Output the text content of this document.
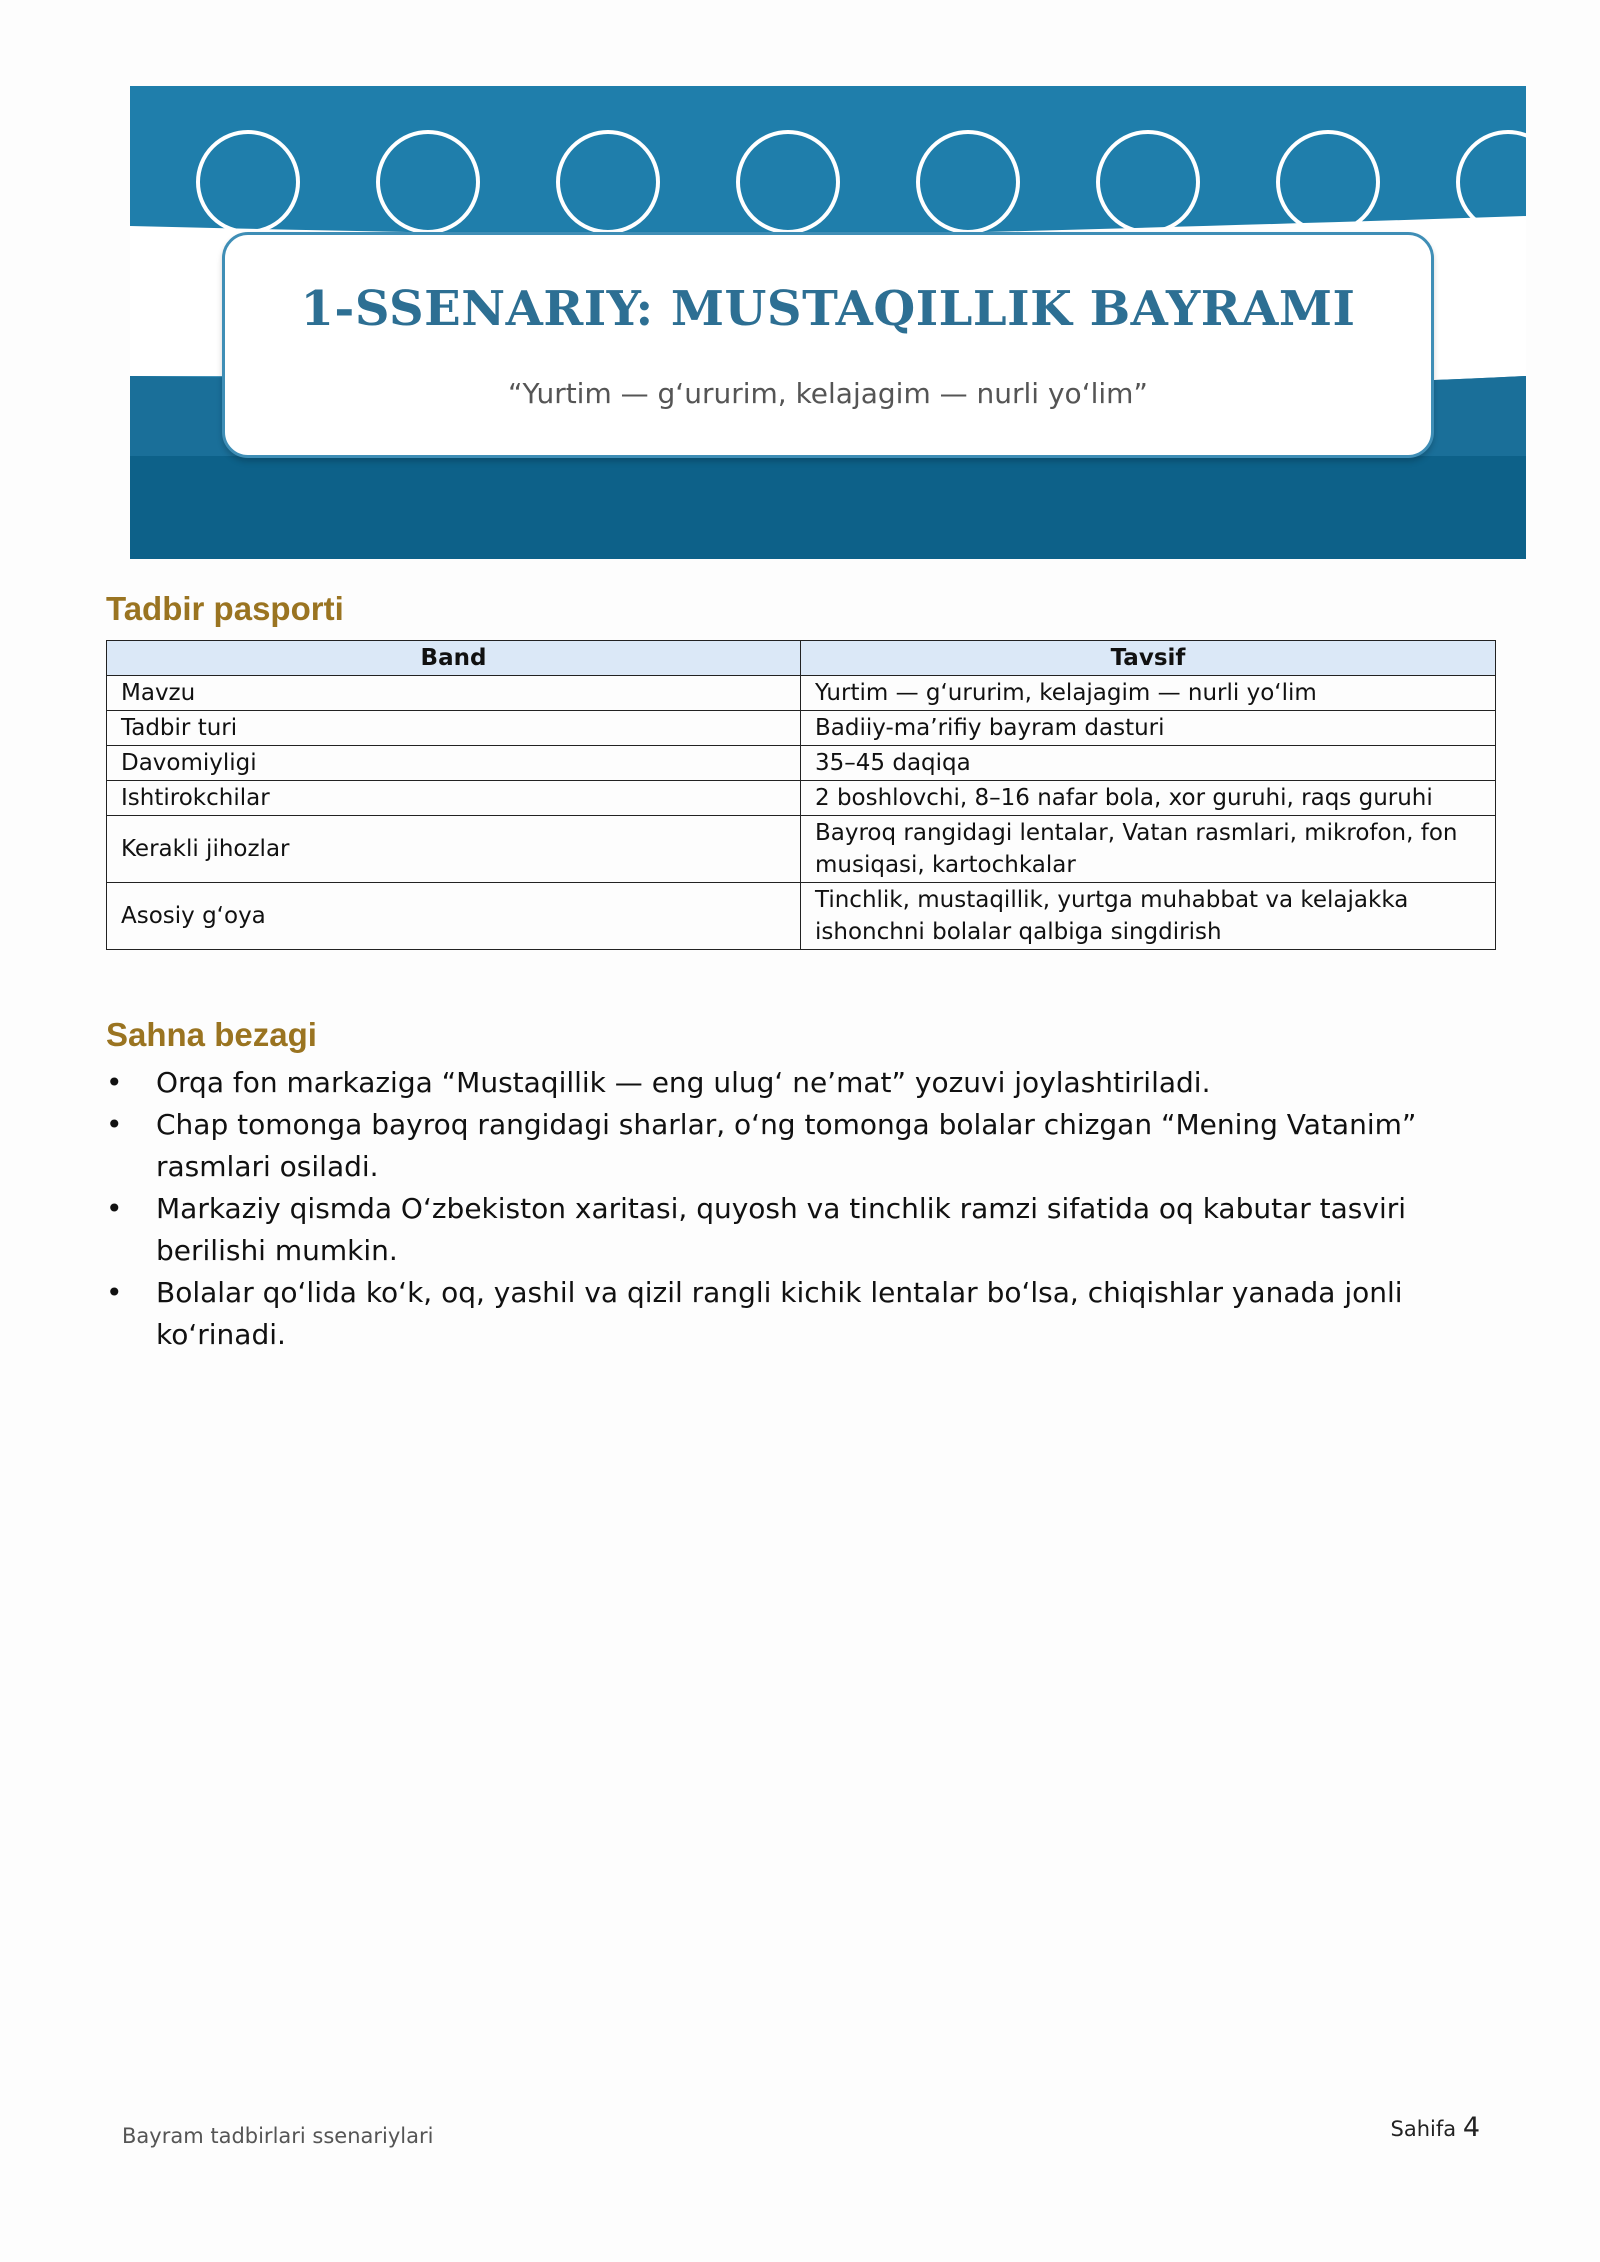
1-SSENARIY: MUSTAQILLIK BAYRAMI
“Yurtim — g‘ururim, kelajagim — nurli yo‘lim”
Tadbir pasporti
Band	Tavsif
Mavzu	Yurtim — g‘ururim, kelajagim — nurli yo‘lim
Tadbir turi	Badiiy-ma’rifiy bayram dasturi
Davomiyligi	35–45 daqiqa
Ishtirokchilar	2 boshlovchi, 8–16 nafar bola, xor guruhi, raqs guruhi
Kerakli jihozlar	Bayroq rangidagi lentalar, Vatan rasmlari, mikrofon, fon musiqasi, kartochkalar
Asosiy g‘oya	Tinchlik, mustaqillik, yurtga muhabbat va kelajakka ishonchni bolalar qalbiga singdirish
Sahna bezagi
• Orqa fon markaziga “Mustaqillik — eng ulug‘ ne’mat” yozuvi joylashtiriladi.
• Chap tomonga bayroq rangidagi sharlar, o‘ng tomonga bolalar chizgan “Mening Vatanim” rasmlari osiladi.
• Markaziy qismda O‘zbekiston xaritasi, quyosh va tinchlik ramzi sifatida oq kabutar tasviri berilishi mumkin.
• Bolalar qo‘lida ko‘k, oq, yashil va qizil rangli kichik lentalar bo‘lsa, chiqishlar yanada jonli ko‘rinadi.
Bayram tadbirlari ssenariylari	Sahifa 4
